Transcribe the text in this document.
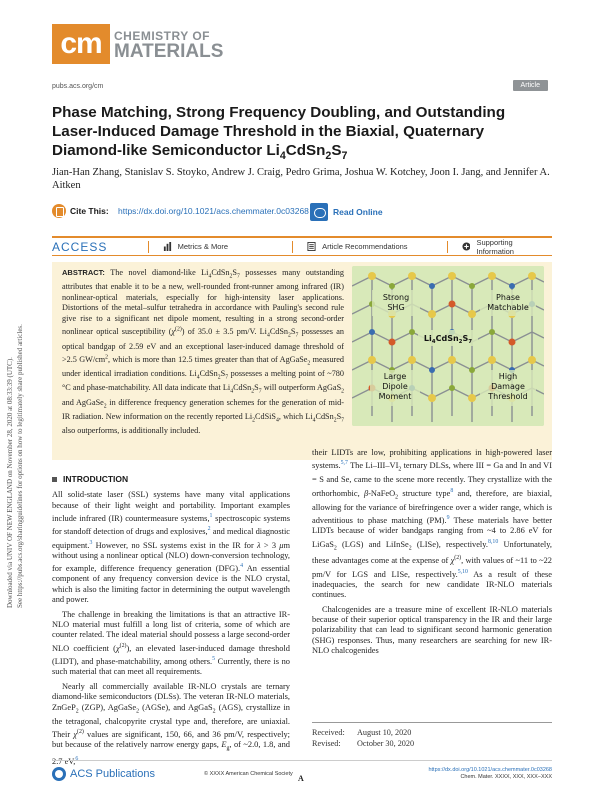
Downloaded via UNIV OF NEW ENGLAND on November 28, 2020 at 08:33:39 (UTC). See https://pubs.acs.org/sharingguidelines for options on how to legitimately share published articles.
cm	CHEMISTRY OF
MATERIALS
pubs.acs.org/cm	Article
Phase Matching, Strong Frequency Doubling, and Outstanding Laser-Induced Damage Threshold in the Biaxial, Quaternary Diamond-like Semiconductor $Li_4CdSn_2S_7$
Jian-Han Zhang, Stanislav S. Stoyko, Andrew J. Craig, Pedro Grima, Joshua W. Kotchey, Joon I. Jang, and Jennifer A. Aitken
Cite This: https://dx.doi.org/10.1021/acs.chemmater.0c03268	Read Online
ACCESS	Metrics & More	Article Recommendations	Supporting Information
Strong
SHG
Phase
Matchable
$Li_4CdSn_2S_7$
Large
Dipole
Moment
High
Damage
Threshold
ABSTRACT: The novel diamond-like $Li_4CdSn_2S_7$ possesses many outstanding attributes that enable it to be a new, well-rounded front-runner among infrared (IR) nonlinear-optical materials, especially for high-intensity laser applications. Distortions of the metal–sulfur tetrahedra in accordance with Pauling's second rule give rise to a significant net dipole moment, resulting in a strong second-order nonlinear optical susceptibility $(\chi^{(2)})$ of 35.0 ± 3.5 pm/V. $Li_4CdSn_2S_7$ possesses an optical bandgap of 2.59 eV and an exceptional laser-induced damage threshold of >2.5 $GW/cm^2$, which is more than 12.5 times greater than that of AgGaSe$_2$ measured under identical irradiation conditions. $Li_4CdSn_2S_7$ possesses a melting point of ~780 °C and phase-matchability. All data indicate that $Li_4CdSn_2S_7$ will outperform AgGaS$_2$ and AgGaSe$_2$ in difference frequency generation schemes for the generation of mid-IR radiation. New information on the recently reported $Li_2CdSiS_4$, which $Li_4CdSn_2S_7$ also outperforms, is additionally included.
INTRODUCTION

All solid-state laser (SSL) systems have many vital applications because of their light weight and portability. Important examples include infrared (IR) countermeasure systems,$^1$ spectroscopic systems for standoff detection of drugs and explosives,$^2$ and medical diagnostic equipment.$^3$ However, no SSL systems exist in the IR for λ > 3 μm without using a nonlinear optical (NLO) down-conversion technology, for example, difference frequency generation (DFG).$^4$ An essential component of any frequency conversion device is the NLO crystal, which is also the limiting factor in determining the output wavelength and power.

The challenge in breaking the limitations is that an attractive IR-NLO material must fulfill a long list of criteria, some of which are counter related. The ideal material should possess a large second-order NLO coefficient $(\chi^{(2)})$, an elevated laser-induced damage threshold (LIDT), and phase-matchability, among others.$^5$ Currently, there is no such material that can meet all requirements.

Nearly all commercially available IR-NLO crystals are ternary diamond-like semiconductors (DLSs). The veteran IR-NLO materials, ZnGeP$_2$ (ZGP), AgGaSe$_2$ (AGSe), and AgGaS$_2$ (AGS), crystallize in the tetragonal, chalcopyrite crystal type and, therefore, are uniaxial. Their $\chi^{(2)}$ values are significant, 150, 66, and 36 pm/V, respectively; but because of the relatively narrow energy gaps, $E_g$, of ~2.0, 1.8, and 2.7 eV,$^6$

their LIDTs are low, prohibiting applications in high-powered laser systems.$^{5,7}$ The $Li-III-VI_2$ ternary DLSs, where III = Ga and In and VI = S and Se, came to the scene more recently. They crystallize with the orthorhombic, β-NaFeO$_2$ structure type$^8$ and, therefore, are biaxial, allowing for the variance of birefringence over a wider range, which is adventitious to phase matching (PM).$^9$ These materials have better LIDTs because of wider bandgaps ranging from ~4 to 2.86 eV for LiGaS$_2$ (LGS) and LiInSe$_2$ (LISe), respectively.$^{8,10}$ Unfortunately, these advantages come at the expense of $\chi^{(2)}$, with values of ~11 to ~22 pm/V for LGS and LISe, respectively.$^{5,10}$ As a result of these inadequacies, the search for new candidate IR-NLO materials continues.

Chalcogenides are a treasure mine of excellent IR-NLO materials because of their superior optical transparency in the IR and their large polarizability that can lead to significant second harmonic generation (SHG) responses. Thus, many researchers are searching for new IR-NLO chalcogenides

Received: August 10, 2020
Revised: October 30, 2020
ACS Publications	© XXXX American Chemical Society A
https://dx.doi.org/10.1021/acs.chemmater.0c03268
Chem. Mater. XXXX, XXX, XXX−XXX
